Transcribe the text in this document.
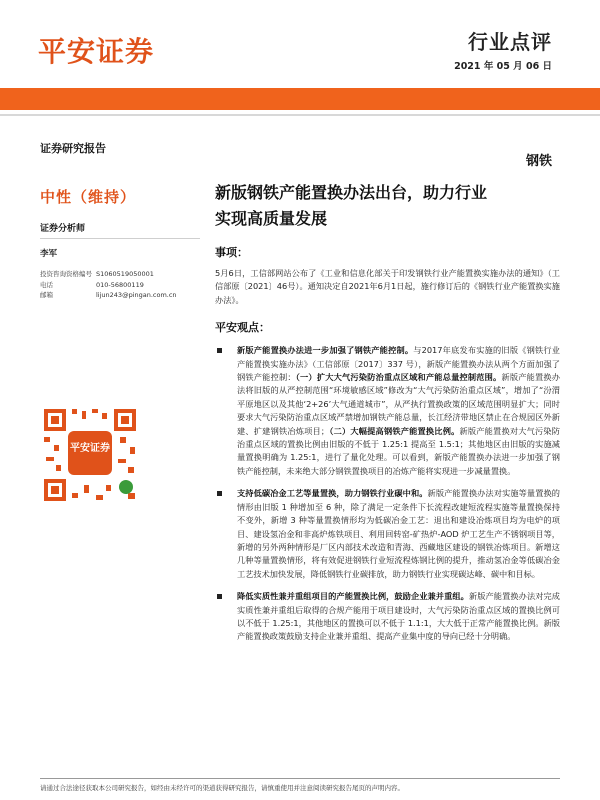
平安证券	行业点评
2021 年 05 月 06 日
证券研究报告
中性（维持）
证券分析师
李军
投资咨询资格编号 S1060519050001
电话	010-56800119
邮箱	lijun243@pingan.com.cn
平安证券
钢铁
新版钢铁产能置换办法出台，助力行业
实现高质量发展
事项：
5月6日，工信部网站公布了《工业和信息化部关于印发钢铁行业产能置换实施办法的通知》（工信部原〔2021〕46号）。通知决定自2021年6月1日起，施行修订后的《钢铁行业产能置换实施办法》。
平安观点：
新版产能置换办法进一步加强了钢铁产能控制。与2017年底发布实施的旧版《钢铁行业产能置换实施办法》（工信部原〔2017〕337 号），新版产能置换办法从两个方面加强了钢铁产能控制：（一）扩大大气污染防治重点区域和产能总量控制范围。新版产能置换办法将旧版的从严控制范围“环境敏感区域”修改为“大气污染防治重点区域”，增加了“汾渭平原地区以及其他‘2+26’大气通道城市”，从严执行置换政策的区域范围明显扩大；同时要求大气污染防治重点区域严禁增加钢铁产能总量，长江经济带地区禁止在合规园区外新建、扩建钢铁冶炼项目；（二）大幅提高钢铁产能置换比例。新版产能置换对大气污染防治重点区域的置换比例由旧版的不低于 1.25:1 提高至 1.5:1；其他地区由旧版的实施减量置换明确为 1.25:1，进行了量化处理。可以看到，新版产能置换办法进一步加强了钢铁产能控制，未来绝大部分钢铁置换项目的冶炼产能将实现进一步减量置换。
支持低碳冶金工艺等量置换，助力钢铁行业碳中和。新版产能置换办法对实施等量置换的情形由旧版 1 种增加至 6 种，除了满足一定条件下长流程改建短流程实施等量置换保持不变外，新增 3 种等量置换情形均为低碳冶金工艺：退出和建设冶炼项目均为电炉的项目、建设氢冶金和非高炉炼铁项目、利用回转窑-矿热炉-AOD 炉工艺生产不锈钢项目等，新增的另外两种情形是厂区内部技术改造和青海、西藏地区建设的钢铁冶炼项目。新增这几种等量置换情形，将有效促进钢铁行业短流程炼钢比例的提升，推动氢冶金等低碳冶金工艺技术加快发展，降低钢铁行业碳排放，助力钢铁行业实现碳达峰、碳中和目标。
降低实质性兼并重组项目的产能置换比例，鼓励企业兼并重组。新版产能置换办法对完成实质性兼并重组后取得的合规产能用于项目建设时，大气污染防治重点区域的置换比例可以不低于 1.25:1，其他地区的置换可以不低于 1.1:1，大大低于正常产能置换比例。新版产能置换政策鼓励支持企业兼并重组、提高产业集中度的导向已经十分明确。
请通过合法途径获取本公司研究报告，如经由未经许可的渠道获得研究报告，请慎重使用并注意阅读研究报告尾页的声明内容。
